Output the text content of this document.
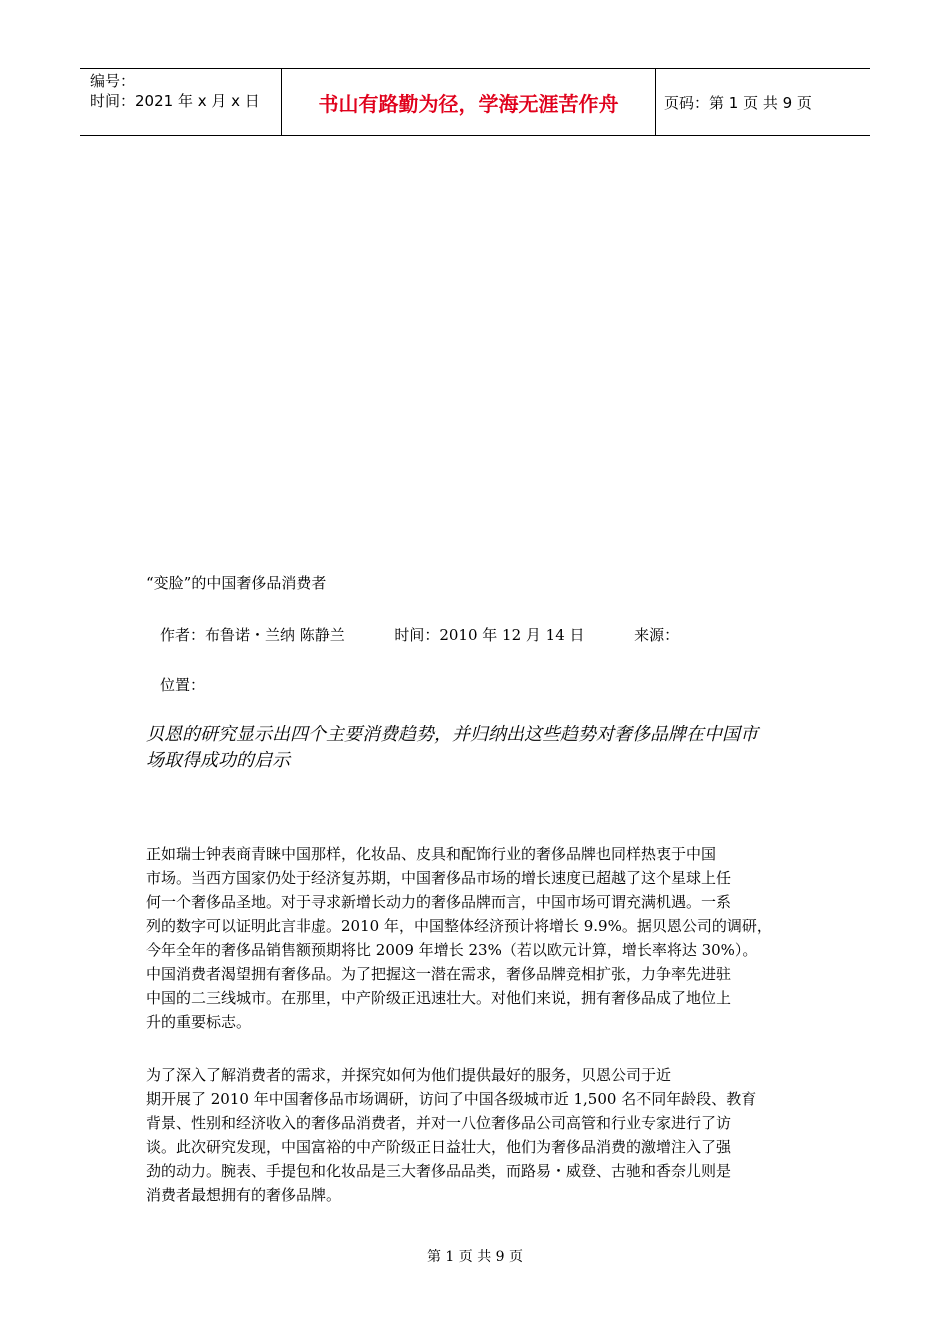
编号：
时间：2021 年 x 月 x 日	书山有路勤为径，学海无涯苦作舟	页码：第 1 页 共 9 页
“变脸”的中国奢侈品消费者
作者：布鲁诺・兰纳 陈静兰	时间：2010 年 12 月 14 日	来源：
位置：
贝恩的研究显示出四个主要消费趋势，并归纳出这些趋势对奢侈品牌在中国市
场取得成功的启示
正如瑞士钟表商青睐中国那样，化妆品、皮具和配饰行业的奢侈品牌也同样热衷于中国
市场。当西方国家仍处于经济复苏期，中国奢侈品市场的增长速度已超越了这个星球上任
何一个奢侈品圣地。对于寻求新增长动力的奢侈品牌而言，中国市场可谓充满机遇。一系
列的数字可以证明此言非虚。2010 年，中国整体经济预计将增长 9.9%。据贝恩公司的调研，
今年全年的奢侈品销售额预期将比 2009 年增长 23%（若以欧元计算，增长率将达 30%）。
中国消费者渴望拥有奢侈品。为了把握这一潜在需求，奢侈品牌竞相扩张，力争率先进驻
中国的二三线城市。在那里，中产阶级正迅速壮大。对他们来说，拥有奢侈品成了地位上
升的重要标志。
为了深入了解消费者的需求，并探究如何为他们提供最好的服务，贝恩公司于近
期开展了 2010 年中国奢侈品市场调研，访问了中国各级城市近 1,500 名不同年龄段、教育
背景、性别和经济收入的奢侈品消费者，并对一八位奢侈品公司高管和行业专家进行了访
谈。此次研究发现，中国富裕的中产阶级正日益壮大，他们为奢侈品消费的激增注入了强
劲的动力。腕表、手提包和化妆品是三大奢侈品品类，而路易・威登、古驰和香奈儿则是
消费者最想拥有的奢侈品牌。
第 1 页 共 9 页
